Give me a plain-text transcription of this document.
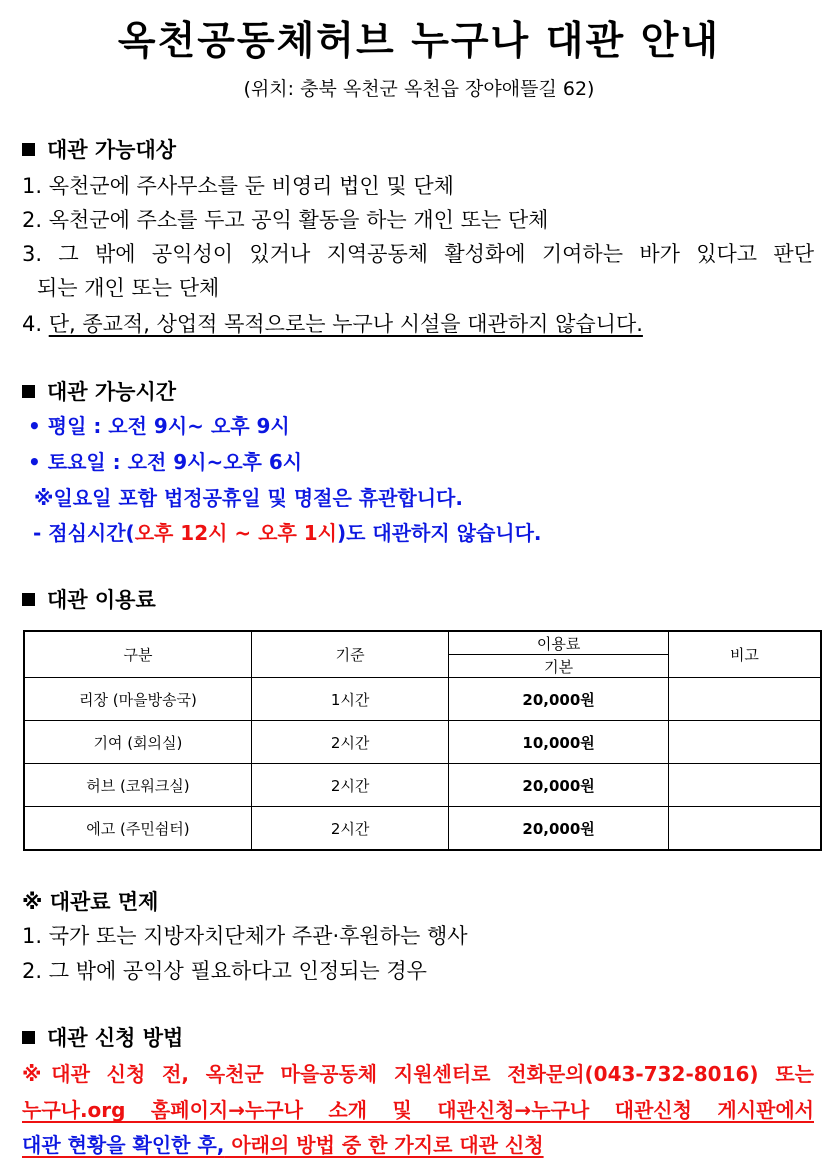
옥천공동체허브 누구나 대관 안내
(위치: 충북 옥천군 옥천읍 장야애뜰길 62)
대관 가능대상
1. 옥천군에 주사무소를 둔 비영리 법인 및 단체
2. 옥천군에 주소를 두고 공익 활동을 하는 개인 또는 단체
3. 그 밖에 공익성이 있거나 지역공동체 활성화에 기여하는 바가 있다고 판단
되는 개인 또는 단체
4. 단, 종교적, 상업적 목적으로는 누구나 시설을 대관하지 않습니다.
대관 가능시간
• 평일 : 오전 9시~ 오후 9시
• 토요일 : 오전 9시~오후 6시
※일요일 포함 법정공휴일 및 명절은 휴관합니다.
- 점심시간(오후 12시 ~ 오후 1시)도 대관하지 않습니다.
대관 이용료
구분	기준	이용료	비고
		기본	
리장 (마을방송국)	1시간	20,000원	
기여 (회의실)	2시간	10,000원	
허브 (코워크실)	2시간	20,000원	
에고 (주민쉼터)	2시간	20,000원	
※ 대관료 면제
1. 국가 또는 지방자치단체가 주관·후원하는 행사
2. 그 밖에 공익상 필요하다고 인정되는 경우
대관 신청 방법
※대관 신청 전, 옥천군 마을공동체 지원센터로 전화문의(043-732-8016) 또는
누구나.org 홈페이지→누구나 소개 및 대관신청→누구나 대관신청 게시판에서
대관 현황을 확인한 후, 아래의 방법 중 한 가지로 대관 신청
